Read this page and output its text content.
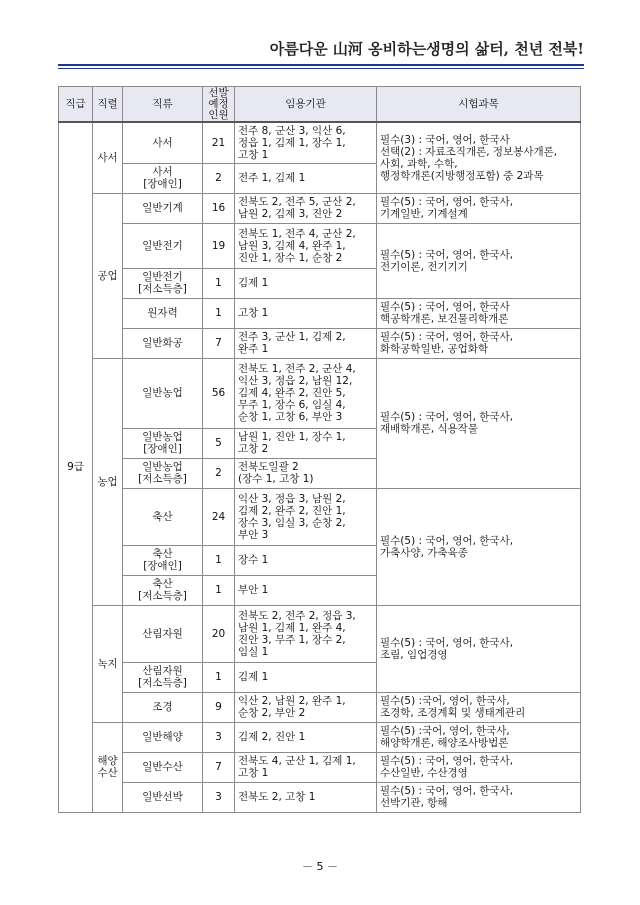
아름다운 山河 옹비하는생명의 삶터, 천년 전북!
직급	직렬	직류	선발
예정
인원	임용기관	시험과목
9급	사서	사서	21	전주 8, 군산 3, 익산 6,
정읍 1, 김제 1, 장수 1,
고창 1	필수(3) : 국어, 영어, 한국사
선택(2) : 자료조직개론, 정보봉사개론,
사회, 과학, 수학,
행정학개론(지방행정포함) 중 2과목
		사서
[장애인]	2	전주 1, 김제 1	
	공업	일반기계	16	전북도 2, 전주 5, 군산 2,
남원 2, 김제 3, 진안 2	필수(5) : 국어, 영어, 한국사,
기계일반, 기계설계
		일반전기	19	전북도 1, 전주 4, 군산 2,
남원 3, 김제 4, 완주 1,
진안 1, 장수 1, 순창 2	필수(5) : 국어, 영어, 한국사,
전기이론, 전기기기
		일반전기
[저소득층]	1	김제 1	
		원자력	1	고창 1	필수(5) : 국어, 영어, 한국사
핵공학개론, 보건물리학개론
		일반화공	7	전주 3, 군산 1, 김제 2,
완주 1	필수(5) : 국어, 영어, 한국사,
화학공학일반, 공업화학
	농업	일반농업	56	전북도 1, 전주 2, 군산 4,
익산 3, 정읍 2, 남원 12,
김제 4, 완주 2, 진안 5,
무주 1, 장수 6, 임실 4,
순창 1, 고창 6, 부안 3	필수(5) : 국어, 영어, 한국사,
재배학개론, 식용작물
		일반농업
[장애인]	5	남원 1, 진안 1, 장수 1,
고창 2	
		일반농업
[저소득층]	2	전북도일괄 2
(장수 1, 고창 1)	
		축산	24	익산 3, 정읍 3, 남원 2,
김제 2, 완주 2, 진안 1,
장수 3, 임실 3, 순창 2,
부안 3	필수(5) : 국어, 영어, 한국사,
가축사양, 가축육종
		축산
[장애인]	1	장수 1	
		축산
[저소득층]	1	부안 1	
	녹지	산림자원	20	전북도 2, 전주 2, 정읍 3,
남원 1, 김제 1, 완주 4,
진안 3, 무주 1, 장수 2,
임실 1	필수(5) : 국어, 영어, 한국사,
조림, 임업경영
		산림자원
[저소득층]	1	김제 1	
		조경	9	익산 2, 남원 2, 완주 1,
순창 2, 부안 2	필수(5) :국어, 영어, 한국사,
조경학, 조경계획 및 생태계관리
	해양
수산	일반해양	3	김제 2, 진안 1	필수(5) :국어, 영어, 한국사,
해양학개론, 해양조사방법론
		일반수산	7	전북도 4, 군산 1, 김제 1,
고창 1	필수(5) : 국어, 영어, 한국사,
수산일반, 수산경영
		일반선박	3	전북도 2, 고창 1	필수(5) : 국어, 영어, 한국사,
선박기관, 항해
－ 5 －
